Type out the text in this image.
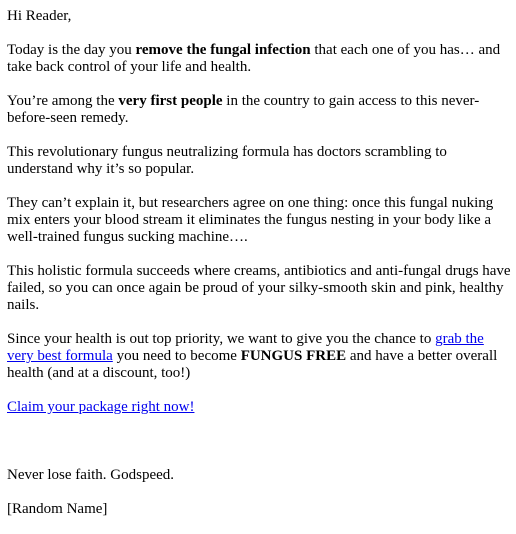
Hi Reader,

Today is the day you remove the fungal infection that each one of you has… and take back control of your life and health.

You’re among the very first people in the country to gain access to this never-before-seen remedy.

This revolutionary fungus neutralizing formula has doctors scrambling to understand why it’s so popular.

They can’t explain it, but researchers agree on one thing: once this fungal nuking mix enters your blood stream it eliminates the fungus nesting in your body like a well-trained fungus sucking machine….

This holistic formula succeeds where creams, antibiotics and anti-fungal drugs have failed, so you can once again be proud of your silky-smooth skin and pink, healthy nails.

Since your health is out top priority, we want to give you the chance to grab the very best formula you need to become FUNGUS FREE and have a better overall health (and at a discount, too!)

Claim your package right now!

Never lose faith. Godspeed.

[Random Name]
